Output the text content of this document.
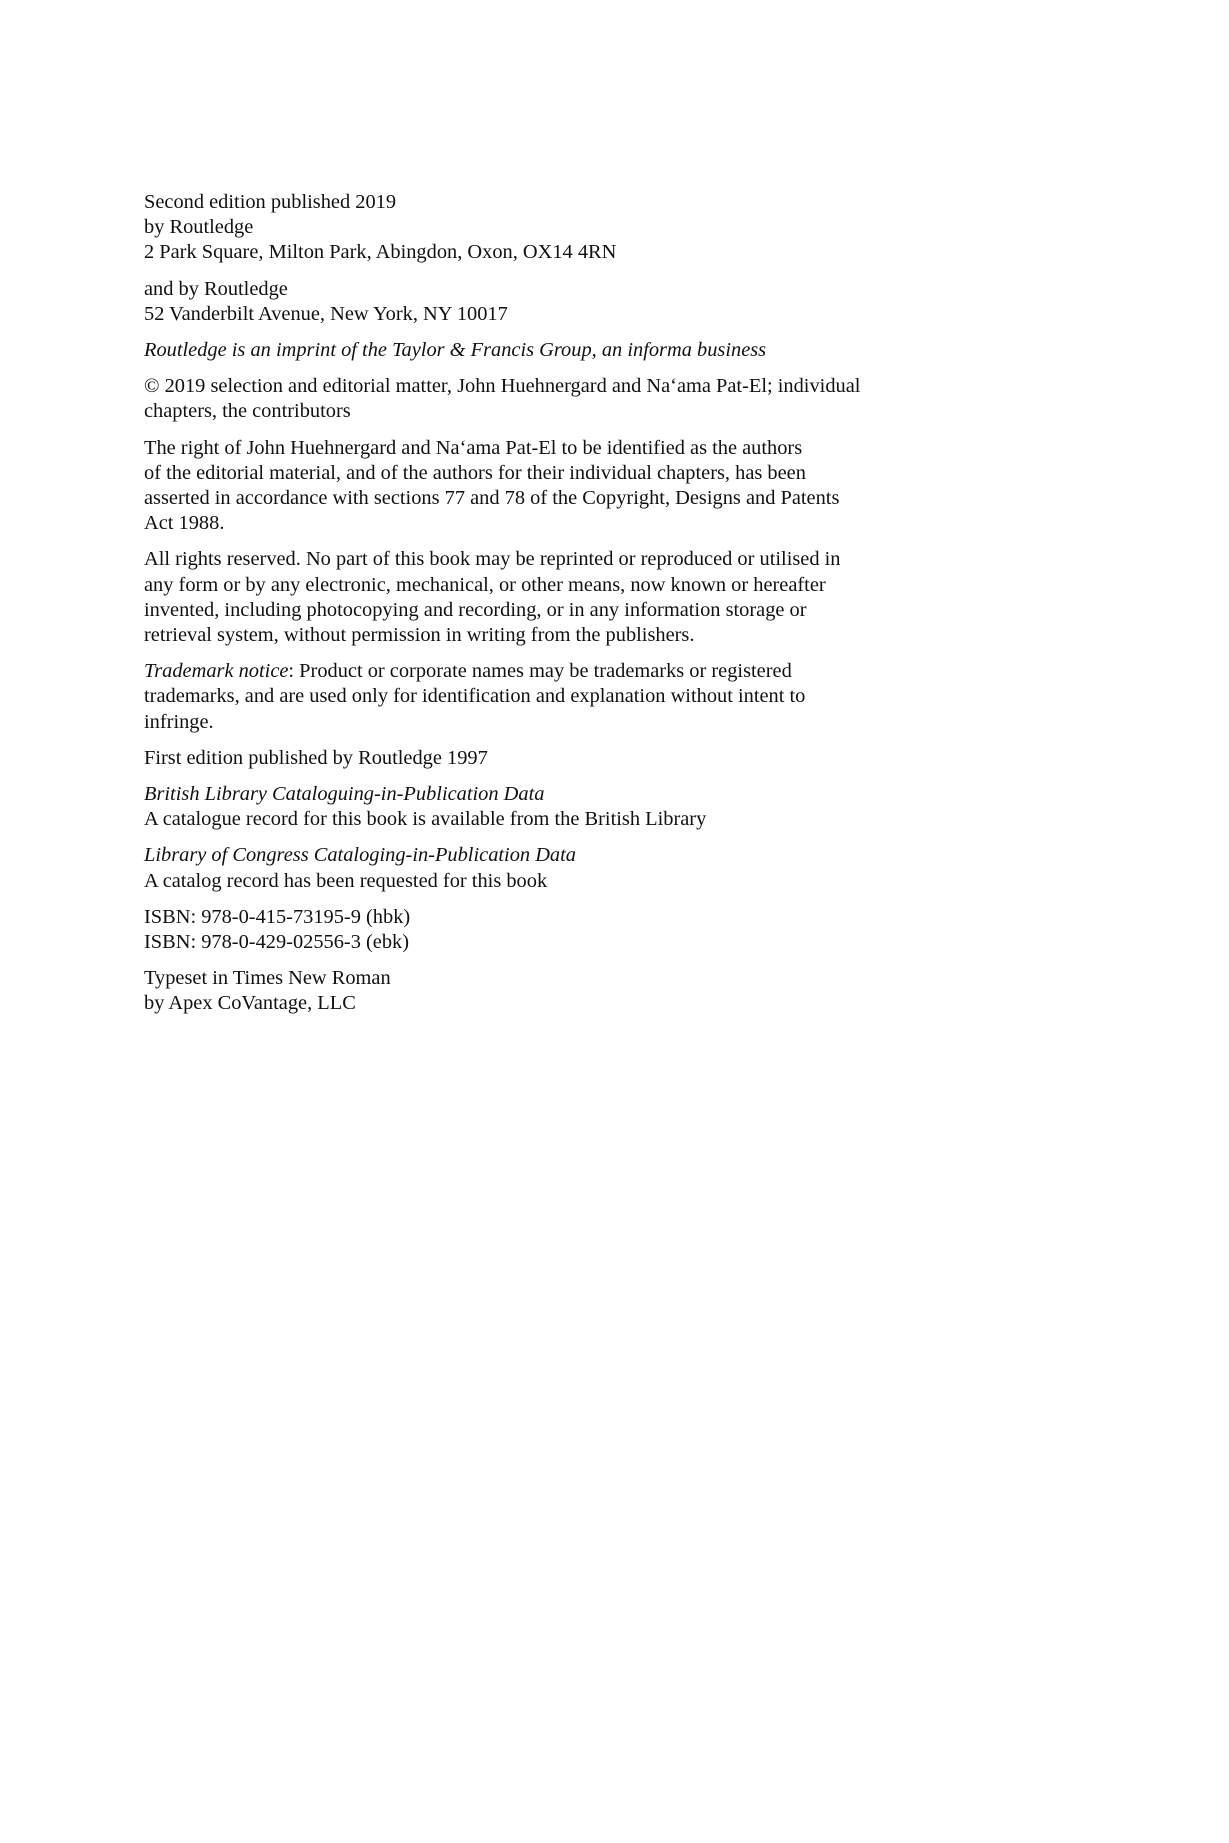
Second edition published 2019
by Routledge
2 Park Square, Milton Park, Abingdon, Oxon, OX14 4RN

and by Routledge
52 Vanderbilt Avenue, New York, NY 10017

Routledge is an imprint of the Taylor & Francis Group, an informa business

© 2019 selection and editorial matter, John Huehnergard and Na‘ama Pat-El; individual
chapters, the contributors

The right of John Huehnergard and Na‘ama Pat-El to be identified as the authors
of the editorial material, and of the authors for their individual chapters, has been
asserted in accordance with sections 77 and 78 of the Copyright, Designs and Patents
Act 1988.

All rights reserved. No part of this book may be reprinted or reproduced or utilised in
any form or by any electronic, mechanical, or other means, now known or hereafter
invented, including photocopying and recording, or in any information storage or
retrieval system, without permission in writing from the publishers.

Trademark notice: Product or corporate names may be trademarks or registered
trademarks, and are used only for identification and explanation without intent to
infringe.

First edition published by Routledge 1997

British Library Cataloguing-in-Publication Data
A catalogue record for this book is available from the British Library

Library of Congress Cataloging-in-Publication Data
A catalog record has been requested for this book

ISBN: 978-0-415-73195-9 (hbk)
ISBN: 978-0-429-02556-3 (ebk)

Typeset in Times New Roman
by Apex CoVantage, LLC
